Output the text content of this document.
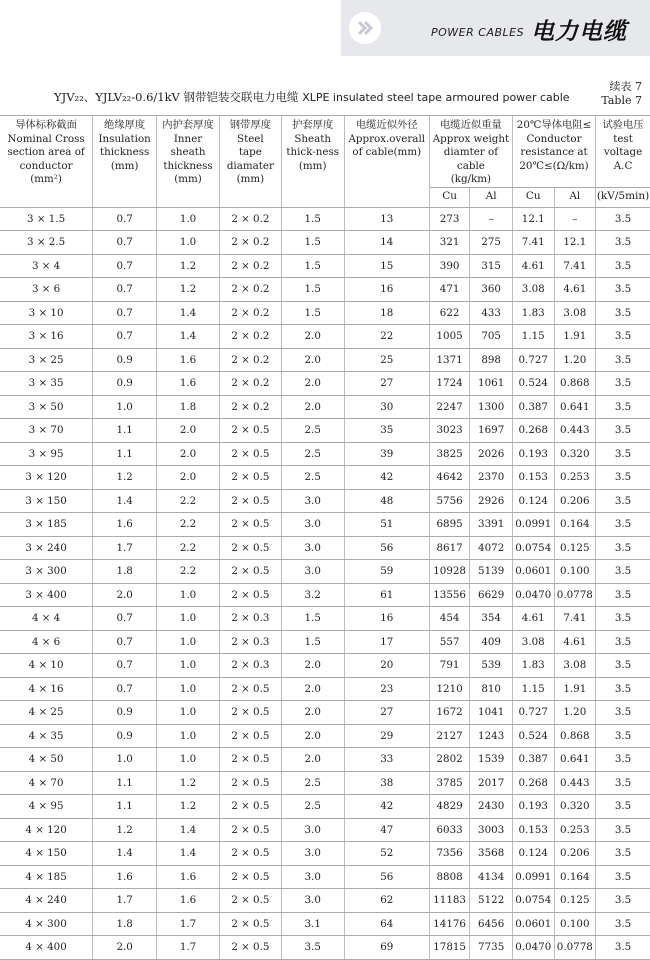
POWER CABLES 电力电缆
YJV₂₂、YJLV₂₂-0.6/1kV 钢带铠装交联电力电缆 XLPE insulated steel tape armoured power cable
续表 7
Table 7
导体标称截面
Nominal Cross
section area of
conductor
(mm²)	绝缘厚度
Insulation
thickness
(mm)	内护套厚度
Inner
sheath
thickness
(mm)	钢带厚度
Steel
tape
diamater
(mm)	护套厚度
Sheath
thick-ness
(mm)	电缆近似外径
Approx.overall
of cable(mm)	电缆近似重量
Approx weight
diamter of cable
(kg/km)		20℃导体电阻≤
Conductor
resistance at
20℃≤(Ω/km)		试验电压
test
voltage
A.C
						Cu	Al	Cu	Al	(kV/5min)
3 × 1.5	0.7	1.0	2 × 0.2	1.5	13	273	–	12.1	–	3.5
3 × 2.5	0.7	1.0	2 × 0.2	1.5	14	321	275	7.41	12.1	3.5
3 × 4	0.7	1.2	2 × 0.2	1.5	15	390	315	4.61	7.41	3.5
3 × 6	0.7	1.2	2 × 0.2	1.5	16	471	360	3.08	4.61	3.5
3 × 10	0.7	1.4	2 × 0.2	1.5	18	622	433	1.83	3.08	3.5
3 × 16	0.7	1.4	2 × 0.2	2.0	22	1005	705	1.15	1.91	3.5
3 × 25	0.9	1.6	2 × 0.2	2.0	25	1371	898	0.727	1.20	3.5
3 × 35	0.9	1.6	2 × 0.2	2.0	27	1724	1061	0.524	0.868	3.5
3 × 50	1.0	1.8	2 × 0.2	2.0	30	2247	1300	0.387	0.641	3.5
3 × 70	1.1	2.0	2 × 0.5	2.5	35	3023	1697	0.268	0.443	3.5
3 × 95	1.1	2.0	2 × 0.5	2.5	39	3825	2026	0.193	0.320	3.5
3 × 120	1.2	2.0	2 × 0.5	2.5	42	4642	2370	0.153	0.253	3.5
3 × 150	1.4	2.2	2 × 0.5	3.0	48	5756	2926	0.124	0.206	3.5
3 × 185	1.6	2.2	2 × 0.5	3.0	51	6895	3391	0.0991	0.164	3.5
3 × 240	1.7	2.2	2 × 0.5	3.0	56	8617	4072	0.0754	0.125	3.5
3 × 300	1.8	2.2	2 × 0.5	3.0	59	10928	5139	0.0601	0.100	3.5
3 × 400	2.0	1.0	2 × 0.5	3.2	61	13556	6629	0.0470	0.0778	3.5
4 × 4	0.7	1.0	2 × 0.3	1.5	16	454	354	4.61	7.41	3.5
4 × 6	0.7	1.0	2 × 0.3	1.5	17	557	409	3.08	4.61	3.5
4 × 10	0.7	1.0	2 × 0.3	2.0	20	791	539	1.83	3.08	3.5
4 × 16	0.7	1.0	2 × 0.5	2.0	23	1210	810	1.15	1.91	3.5
4 × 25	0.9	1.0	2 × 0.5	2.0	27	1672	1041	0.727	1.20	3.5
4 × 35	0.9	1.0	2 × 0.5	2.0	29	2127	1243	0.524	0.868	3.5
4 × 50	1.0	1.0	2 × 0.5	2.0	33	2802	1539	0.387	0.641	3.5
4 × 70	1.1	1.2	2 × 0.5	2.5	38	3785	2017	0.268	0.443	3.5
4 × 95	1.1	1.2	2 × 0.5	2.5	42	4829	2430	0.193	0.320	3.5
4 × 120	1.2	1.4	2 × 0.5	3.0	47	6033	3003	0.153	0.253	3.5
4 × 150	1.4	1.4	2 × 0.5	3.0	52	7356	3568	0.124	0.206	3.5
4 × 185	1.6	1.6	2 × 0.5	3.0	56	8808	4134	0.0991	0.164	3.5
4 × 240	1.7	1.6	2 × 0.5	3.0	62	11183	5122	0.0754	0.125	3.5
4 × 300	1.8	1.7	2 × 0.5	3.1	64	14176	6456	0.0601	0.100	3.5
4 × 400	2.0	1.7	2 × 0.5	3.5	69	17815	7735	0.0470	0.0778	3.5
